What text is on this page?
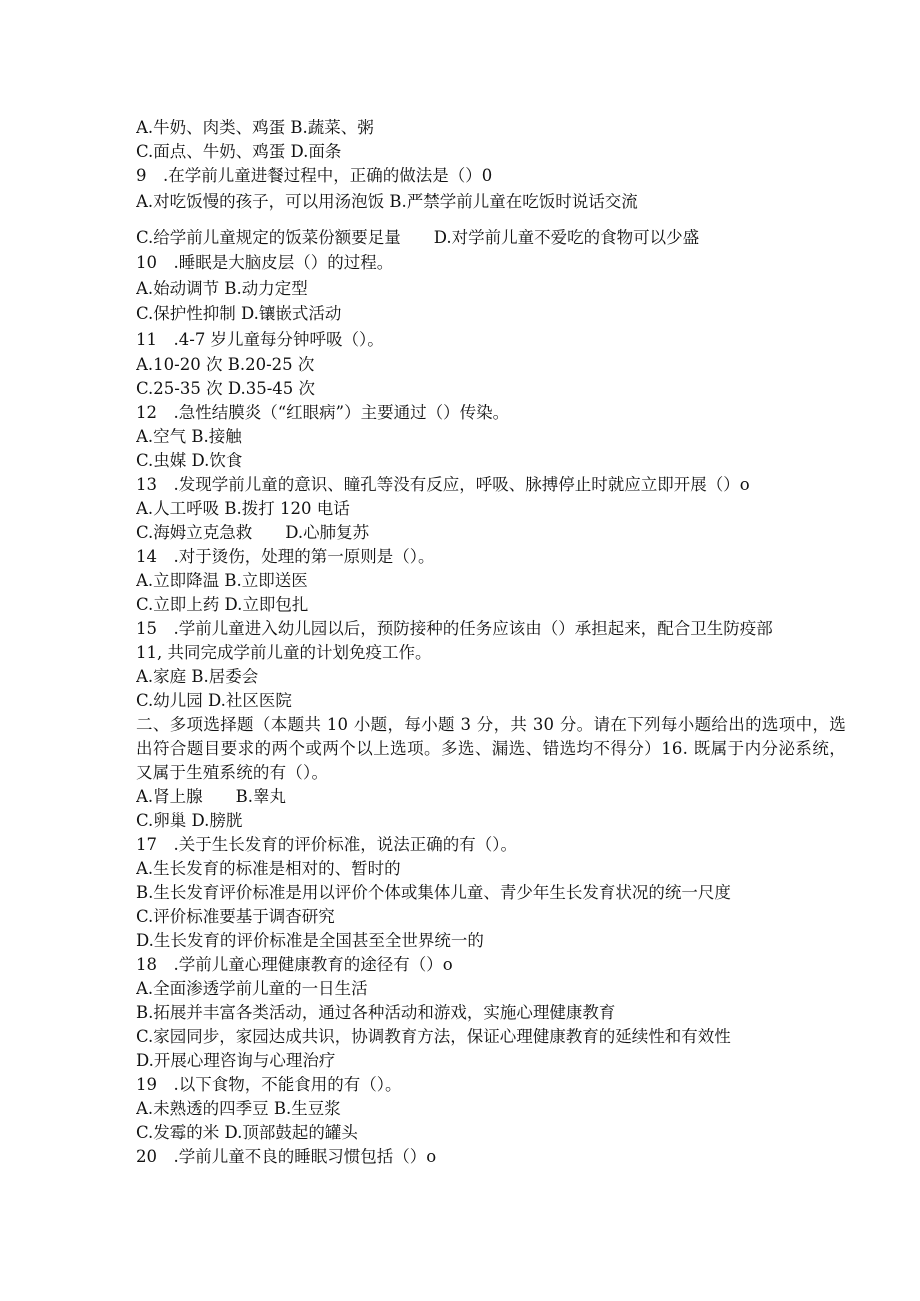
A.牛奶、肉类、鸡蛋 B.蔬菜、粥
C.面点、牛奶、鸡蛋 D.面条
9　.在学前儿童进餐过程中，正确的做法是（）0
A.对吃饭慢的孩子，可以用汤泡饭 B.严禁学前儿童在吃饭时说话交流
C.给学前儿童规定的饭菜份额要足量　　D.对学前儿童不爱吃的食物可以少盛
10　.睡眠是大脑皮层（）的过程。
A.始动调节 B.动力定型
C.保护性抑制 D.镶嵌式活动
11　.4-7 岁儿童每分钟呼吸（）。
A.10-20 次 B.20-25 次
C.25-35 次 D.35-45 次
12　.急性结膜炎（“红眼病”）主要通过（）传染。
A.空气 B.接触
C.虫媒 D.饮食
13　.发现学前儿童的意识、瞳孔等没有反应，呼吸、脉搏停止时就应立即开展（）o
A.人工呼吸 B.拨打 120 电话
C.海姆立克急救　　D.心肺复苏
14　.对于烫伤，处理的第一原则是（）。
A.立即降温 B.立即送医
C.立即上药 D.立即包扎
15　.学前儿童进入幼儿园以后，预防接种的任务应该由（）承担起来，配合卫生防疫部
11, 共同完成学前儿童的计划免疫工作。
A.家庭 B.居委会
C.幼儿园 D.社区医院
二、多项选择题（本题共 10 小题，每小题 3 分，共 30 分。请在下列每小题给出的选项中，选出符合题目要求的两个或两个以上选项。多选、漏选、错选均不得分）16. 既属于内分泌系统，又属于生殖系统的有（）。
A.肾上腺　　B.睾丸
C.卵巢 D.膀胱
17　.关于生长发育的评价标准，说法正确的有（）。
A.生长发育的标准是相对的、暂时的
B.生长发育评价标准是用以评价个体或集体儿童、青少年生长发育状况的统一尺度
C.评价标准要基于调杳研究
D.生长发育的评价标准是全国甚至全世界统一的
18　.学前儿童心理健康教育的途径有（）o
A.全面渗透学前儿童的一日生活
B.拓展并丰富各类活动，通过各种活动和游戏，实施心理健康教育
C.家园同步，家园达成共识，协调教育方法，保证心理健康教育的延续性和有效性
D.开展心理咨询与心理治疗
19　.以下食物，不能食用的有（）。
A.未熟透的四季豆 B.生豆浆
C.发霉的米 D.顶部鼓起的罐头
20　.学前儿童不良的睡眠习惯包括（）o
